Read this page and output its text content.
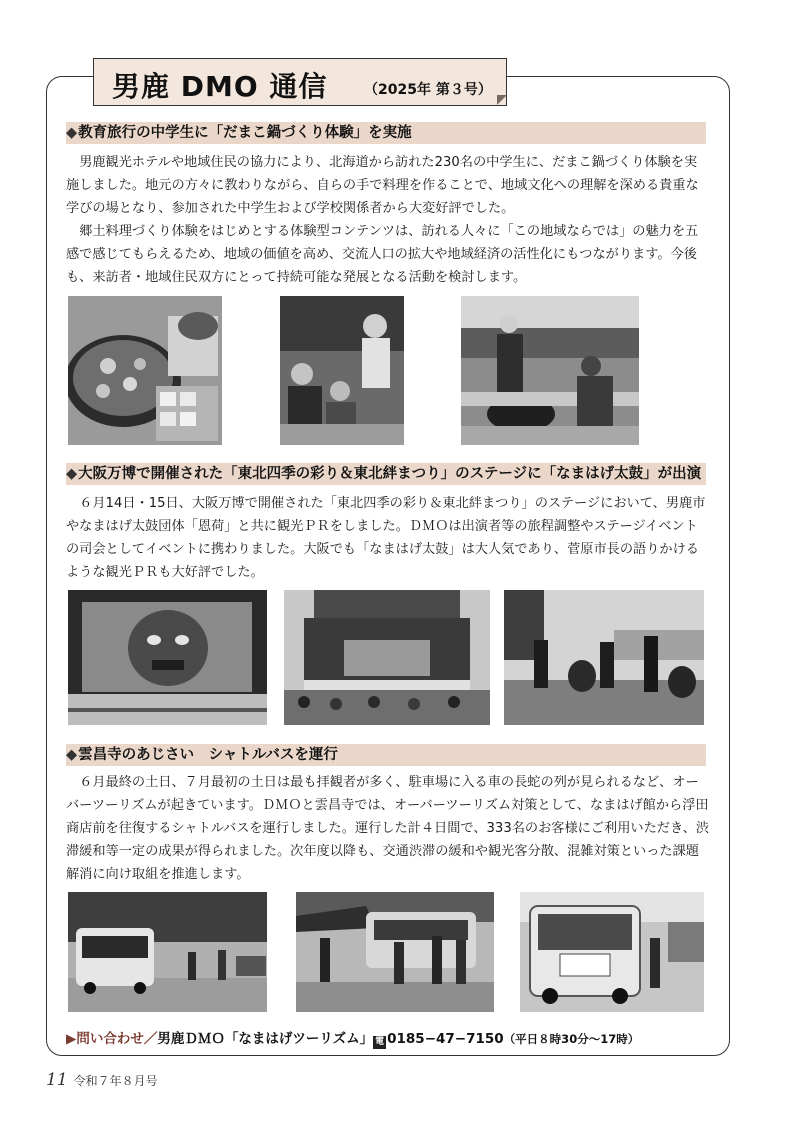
男鹿 DMO 通信	（2025年 第３号）
◆教育旅行の中学生に「だまこ鍋づくり体験」を実施

男鹿観光ホテルや地域住民の協力により、北海道から訪れた230名の中学生に、だまこ鍋づくり体験を実施しました。地元の方々に教わりながら、自らの手で料理を作ることで、地域文化への理解を深める貴重な学びの場となり、参加された中学生および学校関係者から大変好評でした。

郷土料理づくり体験をはじめとする体験型コンテンツは、訪れる人々に「この地域ならでは」の魅力を五感で感じてもらえるため、地域の価値を高め、交流人口の拡大や地域経済の活性化にもつながります。今後も、来訪者・地域住民双方にとって持続可能な発展となる活動を検討します。

◆大阪万博で開催された「東北四季の彩り＆東北絆まつり」のステージに「なまはげ太鼓」が出演

６月14日・15日、大阪万博で開催された「東北四季の彩り＆東北絆まつり」のステージにおいて、男鹿市やなまはげ太鼓団体「恩荷」と共に観光ＰＲをしました。ＤＭＯは出演者等の旅程調整やステージイベントの司会としてイベントに携わりました。大阪でも「なまはげ太鼓」は大人気であり、菅原市長の語りかけるような観光ＰＲも大好評でした。

◆雲昌寺のあじさい　シャトルバスを運行

６月最終の土日、７月最初の土日は最も拝観者が多く、駐車場に入る車の長蛇の列が見られるなど、オーバーツーリズムが起きています。ＤＭＯと雲昌寺では、オーバーツーリズム対策として、なまはげ館から浮田商店前を往復するシャトルバスを運行しました。運行した計４日間で、333名のお客様にご利用いただき、渋滞緩和等一定の成果が得られました。次年度以降も、交通渋滞の緩和や観光客分散、混雑対策といった課題解消に向け取組を推進します。

▶問い合わせ／男鹿ＤＭＯ「なまはげツーリズム」 電 0185−47−7150（平日８時30分〜17時）
11 令和７年８月号
